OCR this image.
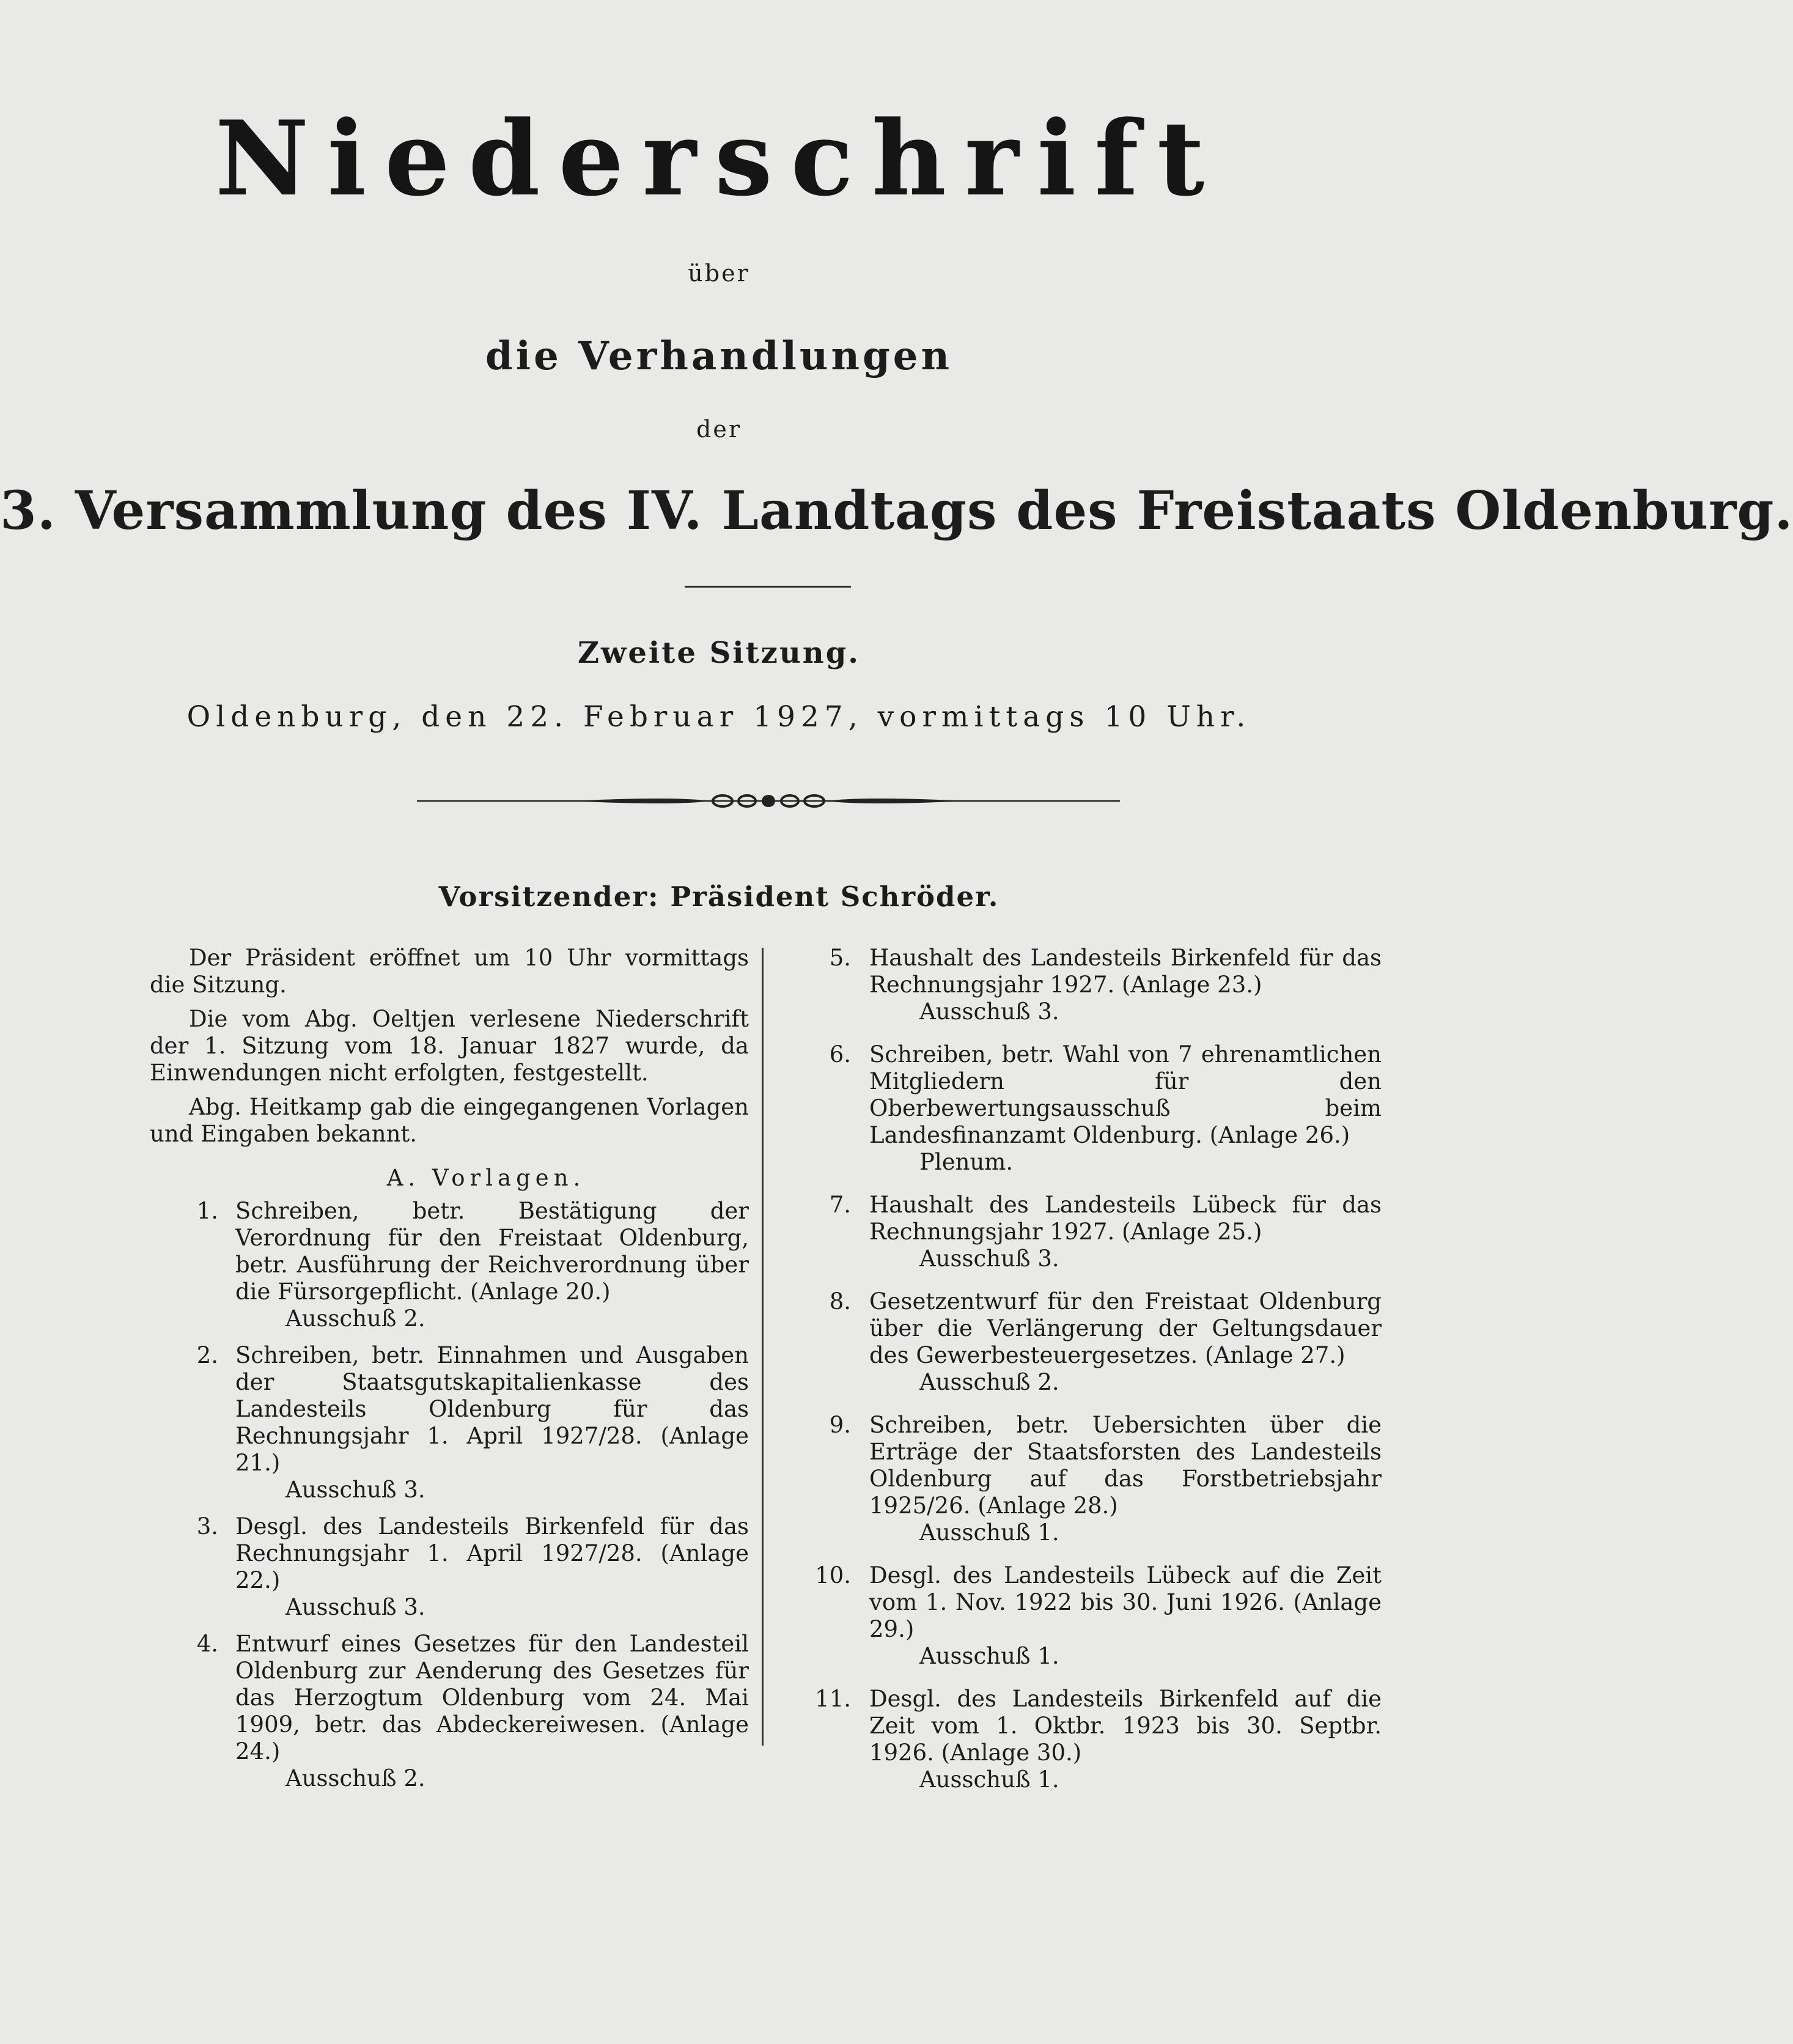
Niederschrift
über
die Verhandlungen
der
3. Versammlung des IV. Landtags des Freistaats Oldenburg.
Zweite Sitzung.
Oldenburg, den 22. Februar 1927, vormittags 10 Uhr.
Vorsitzender: Präsident Schröder.

Der Präsident eröffnet um 10 Uhr vormittags die Sitzung.

Die vom Abg. Oeltjen verlesene Niederschrift der 1. Sitzung vom 18. Januar 1827 wurde, da Einwendungen nicht erfolgten, festgestellt.

Abg. Heitkamp gab die eingegangenen Vorlagen und Eingaben bekannt.

A. Vorlagen.
1. Schreiben, betr. Bestätigung der Verordnung für den Freistaat Oldenburg, betr. Ausführung der Reichverordnung über die Fürsorgepflicht. (Anlage 20.)
Ausschuß 2.
2. Schreiben, betr. Einnahmen und Ausgaben der Staatsgutskapitalienkasse des Landesteils Oldenburg für das Rechnungsjahr 1. April 1927/28. (Anlage 21.)
Ausschuß 3.
3. Desgl. des Landesteils Birkenfeld für das Rechnungsjahr 1. April 1927/28. (Anlage 22.)
Ausschuß 3.
4. Entwurf eines Gesetzes für den Landesteil Oldenburg zur Aenderung des Gesetzes für das Herzogtum Oldenburg vom 24. Mai 1909, betr. das Abdeckereiwesen. (Anlage 24.)
Ausschuß 2.
5. Haushalt des Landesteils Birkenfeld für das Rechnungsjahr 1927. (Anlage 23.)
Ausschuß 3.
6. Schreiben, betr. Wahl von 7 ehrenamtlichen Mitgliedern für den Oberbewertungsausschuß beim Landesfinanzamt Oldenburg. (Anlage 26.)
Plenum.
7. Haushalt des Landesteils Lübeck für das Rechnungsjahr 1927. (Anlage 25.)
Ausschuß 3.
8. Gesetzentwurf für den Freistaat Oldenburg über die Verlängerung der Geltungsdauer des Gewerbesteuergesetzes. (Anlage 27.)
Ausschuß 2.
9. Schreiben, betr. Uebersichten über die Erträge der Staatsforsten des Landesteils Oldenburg auf das Forstbetriebsjahr 1925/26. (Anlage 28.)
Ausschuß 1.
10. Desgl. des Landesteils Lübeck auf die Zeit vom 1. Nov. 1922 bis 30. Juni 1926. (Anlage 29.)
Ausschuß 1.
11. Desgl. des Landesteils Birkenfeld auf die Zeit vom 1. Oktbr. 1923 bis 30. Septbr. 1926. (Anlage 30.)
Ausschuß 1.
